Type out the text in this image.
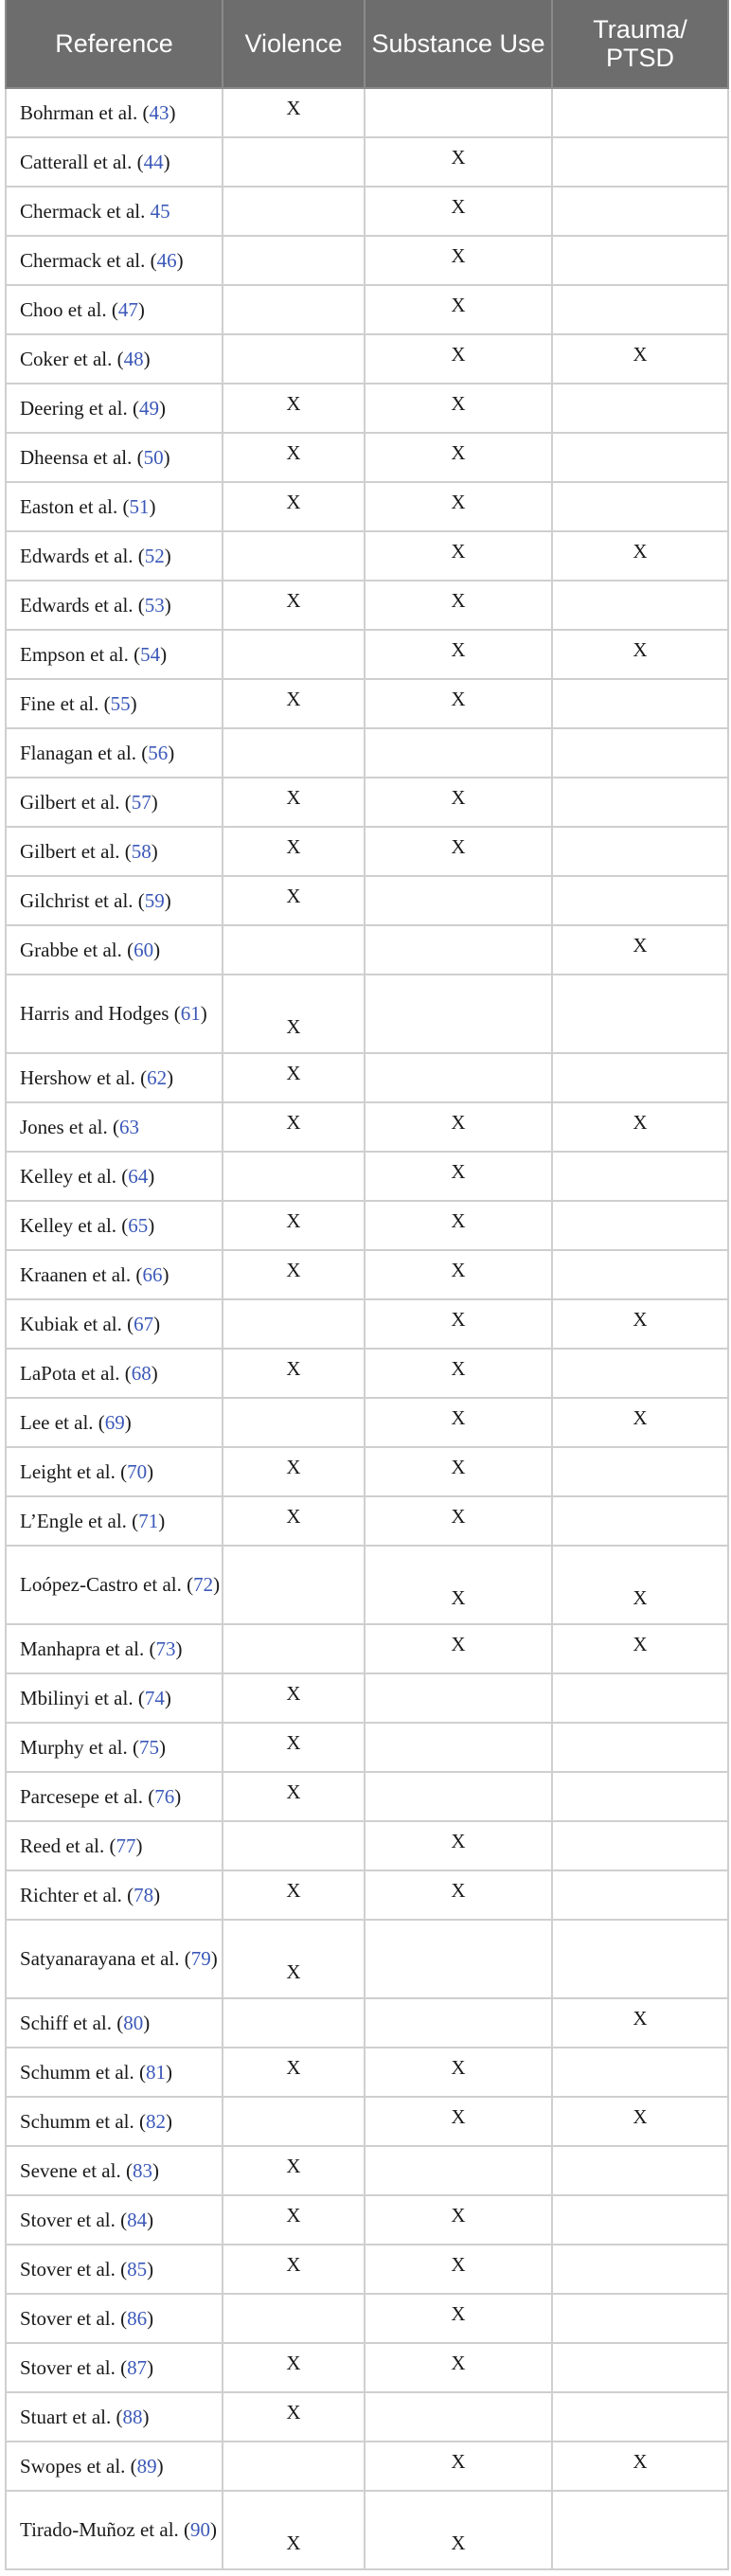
Reference	Violence	Substance Use	Trauma/ PTSD
Bohrman et al. (43)	X		
Catterall et al. (44)		X	
Chermack et al. 45		X	
Chermack et al. (46)		X	
Choo et al. (47)		X	
Coker et al. (48)		X	X
Deering et al. (49)	X	X	
Dheensa et al. (50)	X	X	
Easton et al. (51)	X	X	
Edwards et al. (52)		X	X
Edwards et al. (53)	X	X	
Empson et al. (54)		X	X
Fine et al. (55)	X	X	
Flanagan et al. (56)			
Gilbert et al. (57)	X	X	
Gilbert et al. (58)	X	X	
Gilchrist et al. (59)	X		
Grabbe et al. (60)			X
Harris and Hodges (61)	X		
Hershow et al. (62)	X		
Jones et al. (63	X	X	X
Kelley et al. (64)		X	
Kelley et al. (65)	X	X	
Kraanen et al. (66)	X	X	
Kubiak et al. (67)		X	X
LaPota et al. (68)	X	X	
Lee et al. (69)		X	X
Leight et al. (70)	X	X	
L’Engle et al. (71)	X	X	
Loópez-Castro et al. (72)		X	X
Manhapra et al. (73)		X	X
Mbilinyi et al. (74)	X		
Murphy et al. (75)	X		
Parcesepe et al. (76)	X		
Reed et al. (77)		X	
Richter et al. (78)	X	X	
Satyanarayana et al. (79)	X		
Schiff et al. (80)			X
Schumm et al. (81)	X	X	
Schumm et al. (82)		X	X
Sevene et al. (83)	X		
Stover et al. (84)	X	X	
Stover et al. (85)	X	X	
Stover et al. (86)		X	
Stover et al. (87)	X	X	
Stuart et al. (88)	X		
Swopes et al. (89)		X	X
Tirado-Muñoz et al. (90)	X	X	
